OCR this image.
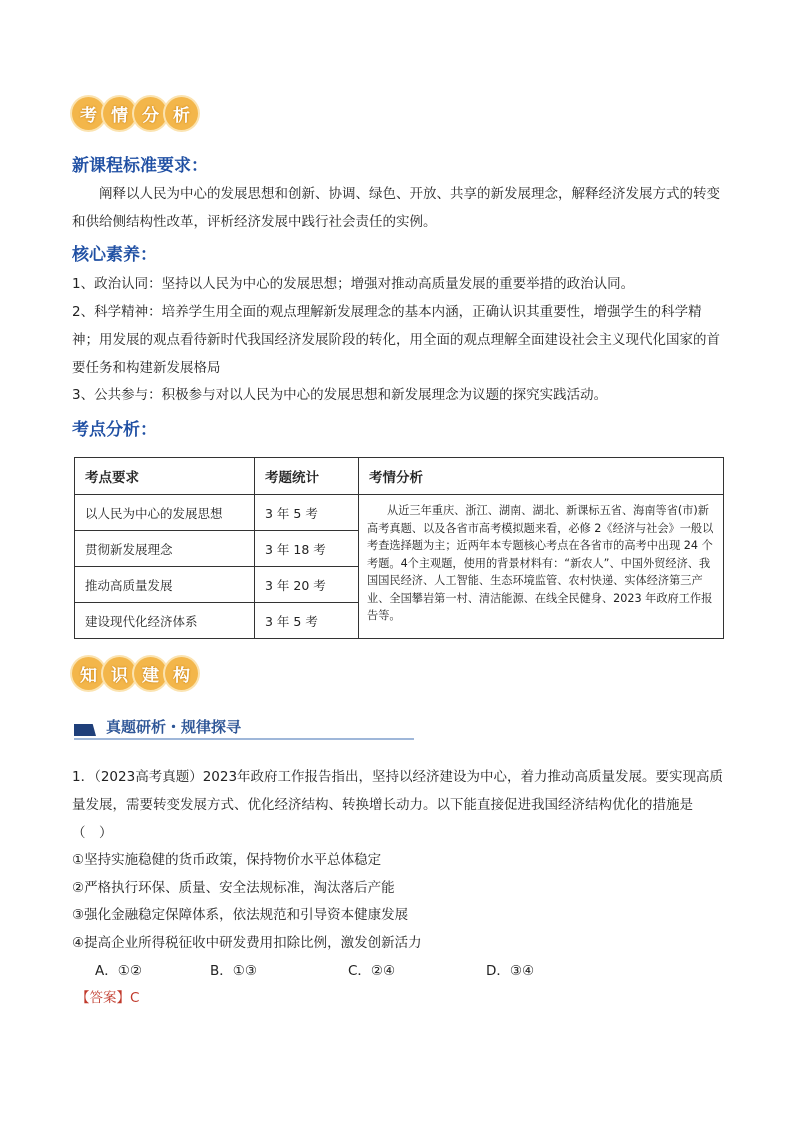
考 情 分 析
新课程标准要求：
阐释以人民为中心的发展思想和创新、协调、绿色、开放、共享的新发展理念，解释经济发展方式的转变和供给侧结构性改革，评析经济发展中践行社会责任的实例。
核心素养：
1、政治认同：坚持以人民为中心的发展思想；增强对推动高质量发展的重要举措的政治认同。
2、科学精神：培养学生用全面的观点理解新发展理念的基本内涵，正确认识其重要性，增强学生的科学精神；用发展的观点看待新时代我国经济发展阶段的转化，用全面的观点理解全面建设社会主义现代化国家的首要任务和构建新发展格局
3、公共参与：积极参与对以人民为中心的发展思想和新发展理念为议题的探究实践活动。
考点分析：
考点要求	考题统计	考情分析
以人民为中心的发展思想	3 年 5 考	从近三年重庆、浙江、湖南、湖北、新课标五省、海南等省(市)新高考真题、以及各省市高考模拟题来看，必修 2《经济与社会》一般以考查选择题为主；近两年本专题核心考点在各省市的高考中出现 24 个考题。4个主观题，使用的背景材料有：“新农人”、中国外贸经济、我国国民经济、人工智能、生态环境监管、农村快递、实体经济第三产业、全国攀岩第一村、清洁能源、在线全民健身、2023 年政府工作报告等。

贯彻新发展理念	3 年 18 考	
推动高质量发展	3 年 20 考	
建设现代化经济体系	3 年 5 考	
知 识 建 构
真题研析・规律探寻
1．（2023高考真题）2023年政府工作报告指出，坚持以经济建设为中心，着力推动高质量发展。要实现高质量发展，需要转变发展方式、优化经济结构、转换增长动力。以下能直接促进我国经济结构优化的措施是（　）
①坚持实施稳健的货币政策，保持物价水平总体稳定
②严格执行环保、质量、安全法规标准，淘汰落后产能
③强化金融稳定保障体系，依法规范和引导资本健康发展
④提高企业所得税征收中研发费用扣除比例，激发创新活力
A．①②	B．①③	C．②④	D．③④
【答案】C
